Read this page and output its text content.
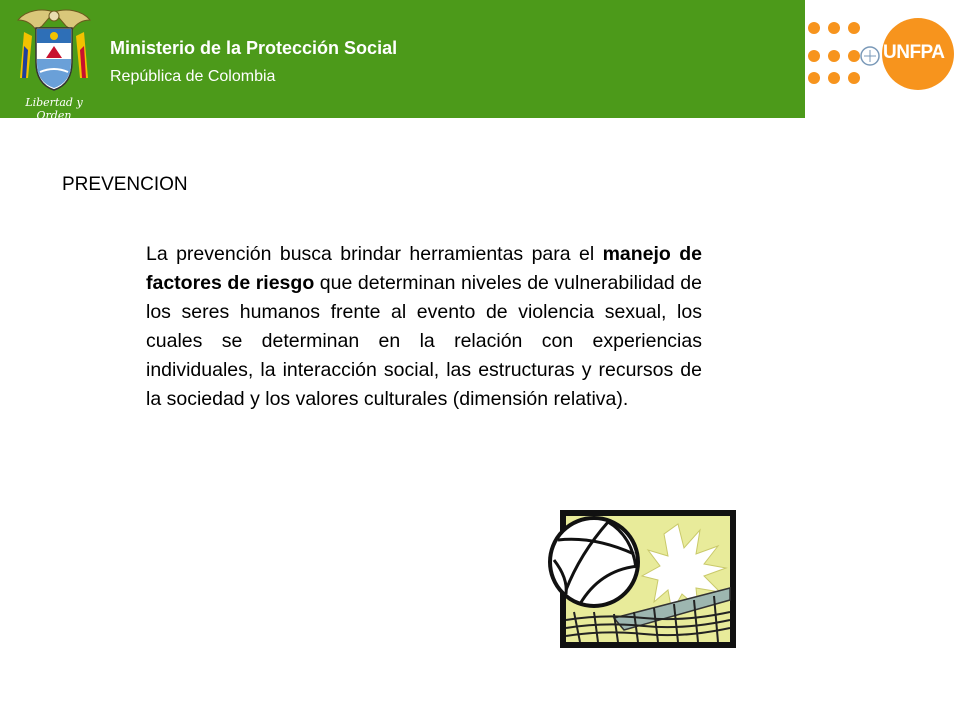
Libertad y Orden
Ministerio de la Protección Social
República de Colombia
UNFPA
PREVENCION
La prevención busca brindar herramientas para el manejo de factores de riesgo que determinan niveles de vulnerabilidad de los seres humanos frente al evento de violencia sexual, los cuales se determinan en la relación con experiencias individuales, la interacción social, las estructuras y recursos de la sociedad y los valores culturales (dimensión relativa).
